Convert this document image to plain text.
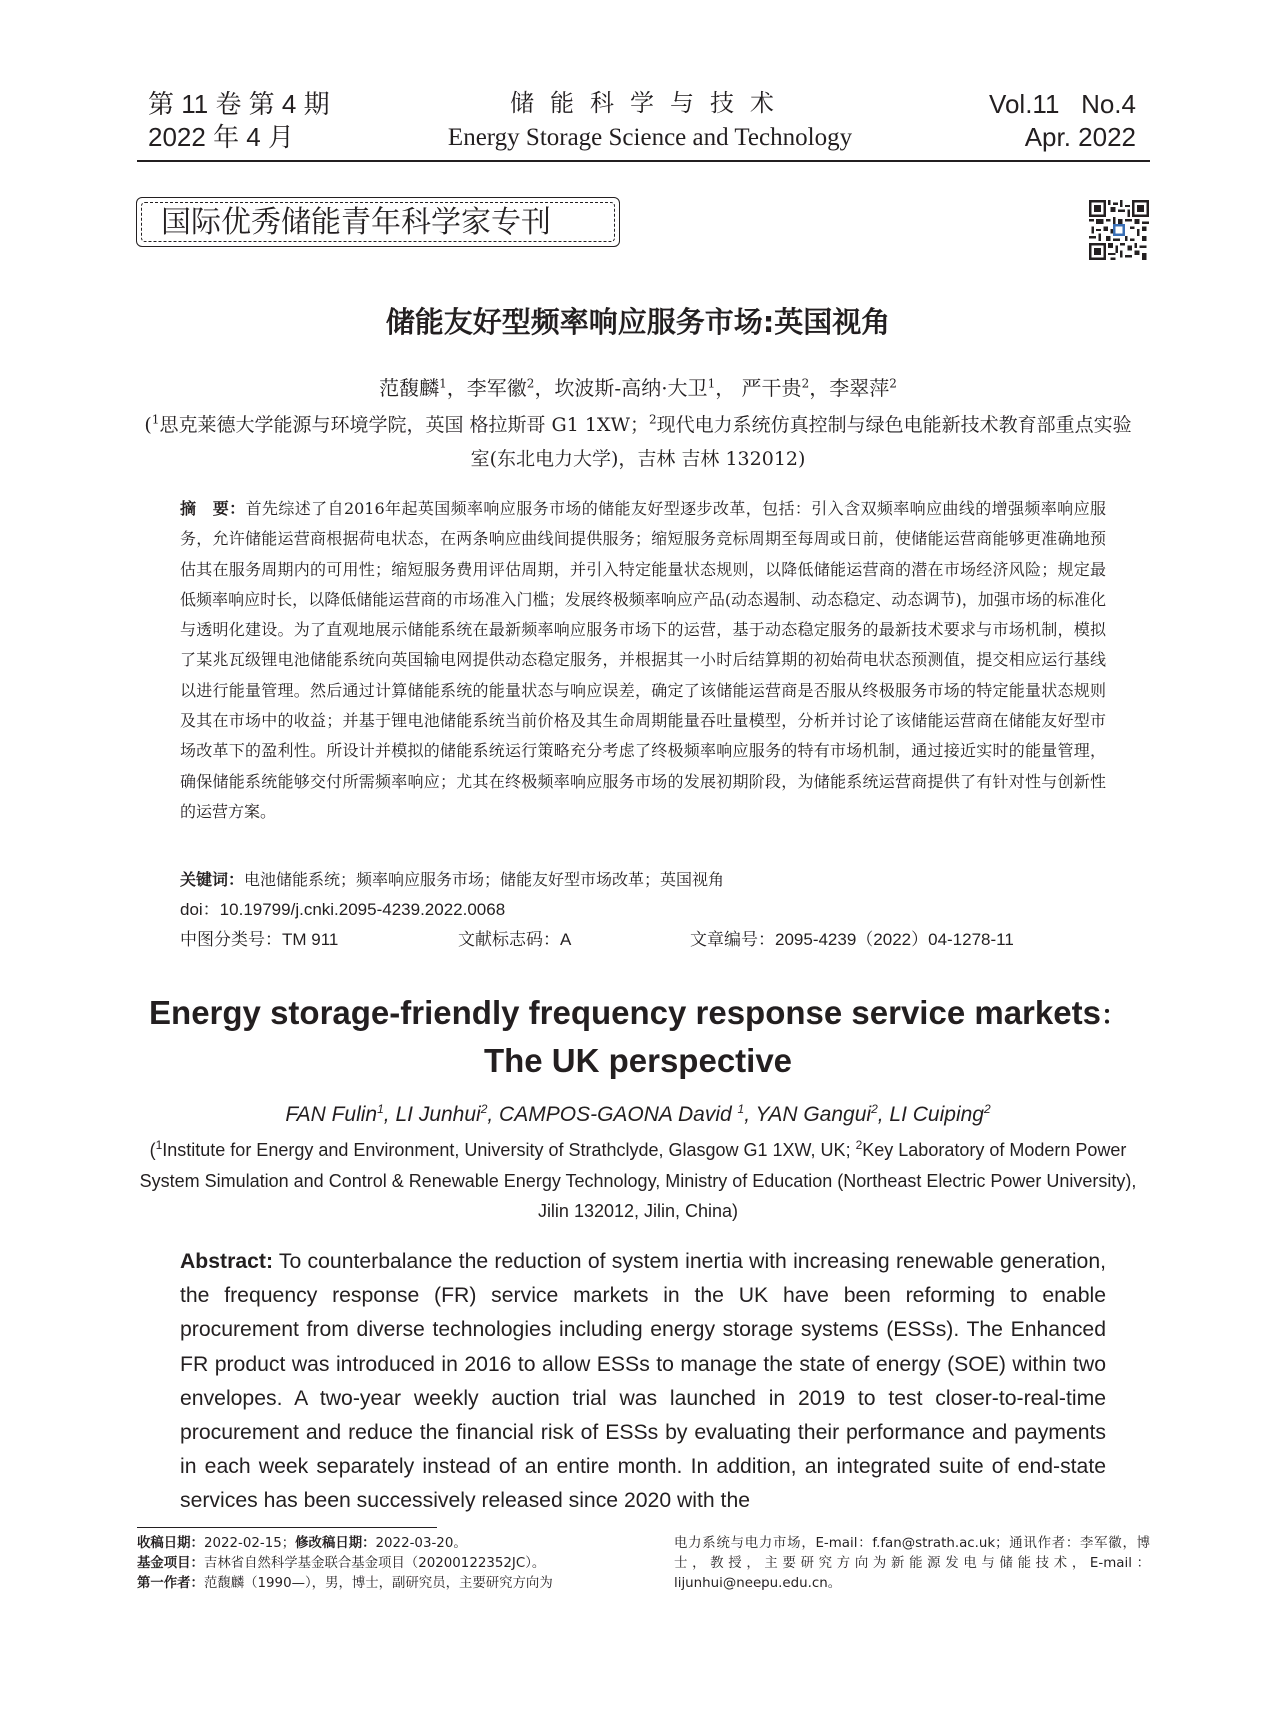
第 11 卷 第 4 期
2022 年 4 月
储能科学与技术
Energy Storage Science and Technology
Vol.11   No.4
Apr. 2022
国际优秀储能青年科学家专刊
储能友好型频率响应服务市场:英国视角
范馥麟$^1$，李军徽$^2$，坎波斯-高纳·大卫$^1$， 严干贵$^2$，李翠萍$^2$
($^1$思克莱德大学能源与环境学院，英国 格拉斯哥 G1 1XW；$^2$现代电力系统仿真控制与绿色电能新技术教育部重点实验室(东北电力大学)，吉林 吉林 132012)
摘　要：首先综述了自2016年起英国频率响应服务市场的储能友好型逐步改革，包括：引入含双频率响应曲线的增强频率响应服务，允许储能运营商根据荷电状态，在两条响应曲线间提供服务；缩短服务竞标周期至每周或日前，使储能运营商能够更准确地预估其在服务周期内的可用性；缩短服务费用评估周期，并引入特定能量状态规则，以降低储能运营商的潜在市场经济风险；规定最低频率响应时长，以降低储能运营商的市场准入门槛；发展终极频率响应产品(动态遏制、动态稳定、动态调节)，加强市场的标准化与透明化建设。为了直观地展示储能系统在最新频率响应服务市场下的运营，基于动态稳定服务的最新技术要求与市场机制，模拟了某兆瓦级锂电池储能系统向英国输电网提供动态稳定服务，并根据其一小时后结算期的初始荷电状态预测值，提交相应运行基线以进行能量管理。然后通过计算储能系统的能量状态与响应误差，确定了该储能运营商是否服从终极服务市场的特定能量状态规则及其在市场中的收益；并基于锂电池储能系统当前价格及其生命周期能量吞吐量模型，分析并讨论了该储能运营商在储能友好型市场改革下的盈利性。所设计并模拟的储能系统运行策略充分考虑了终极频率响应服务的特有市场机制，通过接近实时的能量管理，确保储能系统能够交付所需频率响应；尤其在终极频率响应服务市场的发展初期阶段，为储能系统运营商提供了有针对性与创新性的运营方案。
关键词：电池储能系统；频率响应服务市场；储能友好型市场改革；英国视角
doi：10.19799/j.cnki.2095-4239.2022.0068
中图分类号：TM 911	文献标志码：A	文章编号：2095-4239（2022）04-1278-11
Energy storage-friendly frequency response service markets：
The UK perspective
FAN Fulin$^1$, LI Junhui$^2$, CAMPOS-GAONA David $^1$, YAN Gangui$^2$, LI Cuiping$^2$
($^1$Institute for Energy and Environment, University of Strathclyde, Glasgow G1 1XW, UK; $^2$Key Laboratory of Modern Power System Simulation and Control & Renewable Energy Technology, Ministry of Education (Northeast Electric Power University), Jilin 132012, Jilin, China)
Abstract: To counterbalance the reduction of system inertia with increasing renewable generation, the frequency response (FR) service markets in the UK have been reforming to enable procurement from diverse technologies including energy storage systems (ESSs). The Enhanced FR product was introduced in 2016 to allow ESSs to manage the state of energy (SOE) within two envelopes. A two-year weekly auction trial was launched in 2019 to test closer-to-real-time procurement and reduce the financial risk of ESSs by evaluating their performance and payments in each week separately instead of an entire month. In addition, an integrated suite of end-state services has been successively released since 2020 with the
收稿日期：2022-02-15；修改稿日期：2022-03-20。
基金项目：吉林省自然科学基金联合基金项目（20200122352JC）。
第一作者：范馥麟（1990—），男，博士，副研究员，主要研究方向为
电力系统与电力市场，E-mail：f.fan@strath.ac.uk；通讯作者：李军徽，博士，教授，主要研究方向为新能源发电与储能技术，E-mail：lijunhui@neepu.edu.cn。
